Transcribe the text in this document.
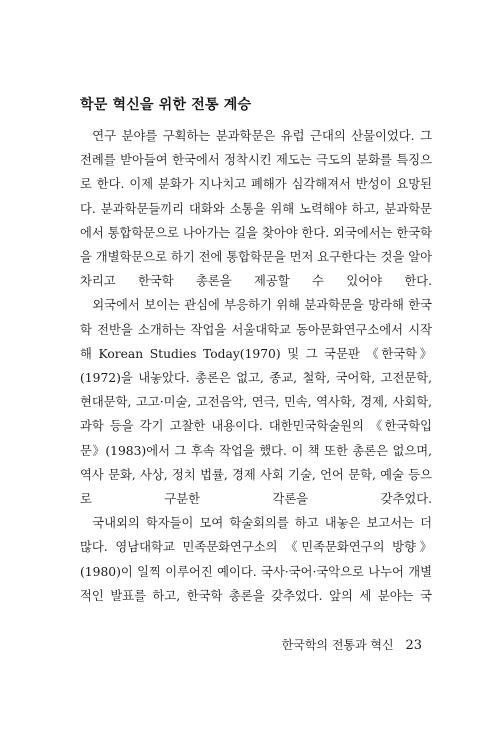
학문 혁신을 위한 전통 계승

연구 분야를 구획하는 분과학문은 유럽 근대의 산물이었다. 그 전례를 받아들여 한국에서 정착시킨 제도는 극도의 분화를 특징으로 한다. 이제 분화가 지나치고 폐해가 심각해져서 반성이 요망된다. 분과학문들끼리 대화와 소통을 위해 노력해야 하고, 분과학문에서 통합학문으로 나아가는 길을 찾아야 한다. 외국에서는 한국학을 개별학문으로 하기 전에 통합학문을 먼저 요구한다는 것을 알아차리고 한국학 총론을 제공할 수 있어야 한다.

외국에서 보이는 관심에 부응하기 위해 분과학문을 망라해 한국학 전반을 소개하는 작업을 서울대학교 동아문화연구소에서 시작해 Korean Studies Today(1970) 및 그 국문판 《한국학》(1972)을 내놓았다. 총론은 없고, 종교, 철학, 국어학, 고전문학, 현대문학, 고고·미술, 고전음악, 연극, 민속, 역사학, 경제, 사회학, 과학 등을 각기 고찰한 내용이다. 대한민국학술원의 《한국학입문》(1983)에서 그 후속 작업을 했다. 이 책 또한 총론은 없으며, 역사 문화, 사상, 정치 법률, 경제 사회 기술, 언어 문학, 예술 등으로 구분한 각론을 갖추었다.

국내외의 학자들이 모여 학술회의를 하고 내놓은 보고서는 더 많다. 영남대학교 민족문화연구소의 《민족문화연구의 방향》(1980)이 일찍 이루어진 예이다. 국사·국어·국악으로 나누어 개별적인 발표를 하고, 한국학 총론을 갖추었다. 앞의 세 분야는 국

한국학의 전통과 혁신 23
